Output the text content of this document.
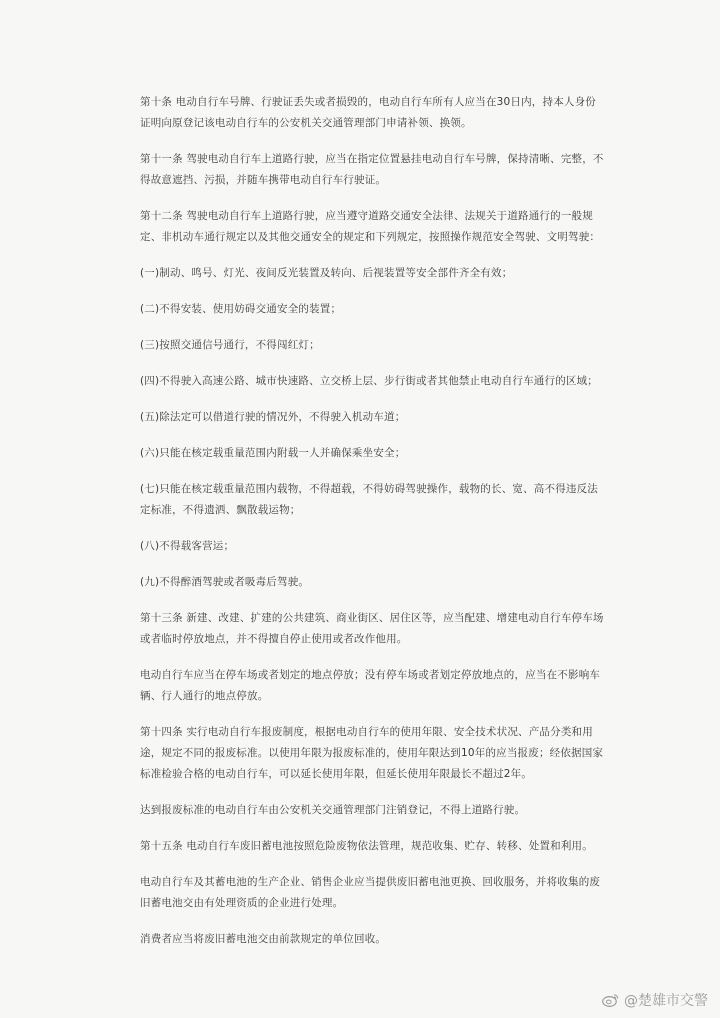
第十条 电动自行车号牌、行驶证丢失或者损毁的，电动自行车所有人应当在30日内，持本人身份证明向原登记该电动自行车的公安机关交通管理部门申请补领、换领。

第十一条 驾驶电动自行车上道路行驶，应当在指定位置悬挂电动自行车号牌，保持清晰、完整，不得故意遮挡、污损，并随车携带电动自行车行驶证。

第十二条 驾驶电动自行车上道路行驶，应当遵守道路交通安全法律、法规关于道路通行的一般规定、非机动车通行规定以及其他交通安全的规定和下列规定，按照操作规范安全驾驶、文明驾驶：

(一)制动、鸣号、灯光、夜间反光装置及转向、后视装置等安全部件齐全有效；

(二)不得安装、使用妨碍交通安全的装置；

(三)按照交通信号通行，不得闯红灯；

(四)不得驶入高速公路、城市快速路、立交桥上层、步行街或者其他禁止电动自行车通行的区域；

(五)除法定可以借道行驶的情况外，不得驶入机动车道；

(六)只能在核定载重量范围内附载一人并确保乘坐安全；

(七)只能在核定载重量范围内载物，不得超载，不得妨碍驾驶操作，载物的长、宽、高不得违反法定标准，不得遗洒、飘散载运物；

(八)不得载客营运；

(九)不得醉酒驾驶或者吸毒后驾驶。

第十三条 新建、改建、扩建的公共建筑、商业街区、居住区等，应当配建、增建电动自行车停车场或者临时停放地点，并不得擅自停止使用或者改作他用。

电动自行车应当在停车场或者划定的地点停放；没有停车场或者划定停放地点的，应当在不影响车辆、行人通行的地点停放。

第十四条 实行电动自行车报废制度，根据电动自行车的使用年限、安全技术状况、产品分类和用途，规定不同的报废标准。以使用年限为报废标准的，使用年限达到10年的应当报废；经依据国家标准检验合格的电动自行车，可以延长使用年限，但延长使用年限最长不超过2年。

达到报废标准的电动自行车由公安机关交通管理部门注销登记，不得上道路行驶。

第十五条 电动自行车废旧蓄电池按照危险废物依法管理，规范收集、贮存、转移、处置和利用。

电动自行车及其蓄电池的生产企业、销售企业应当提供废旧蓄电池更换、回收服务，并将收集的废旧蓄电池交由有处理资质的企业进行处理。

消费者应当将废旧蓄电池交由前款规定的单位回收。

@楚雄市交警
